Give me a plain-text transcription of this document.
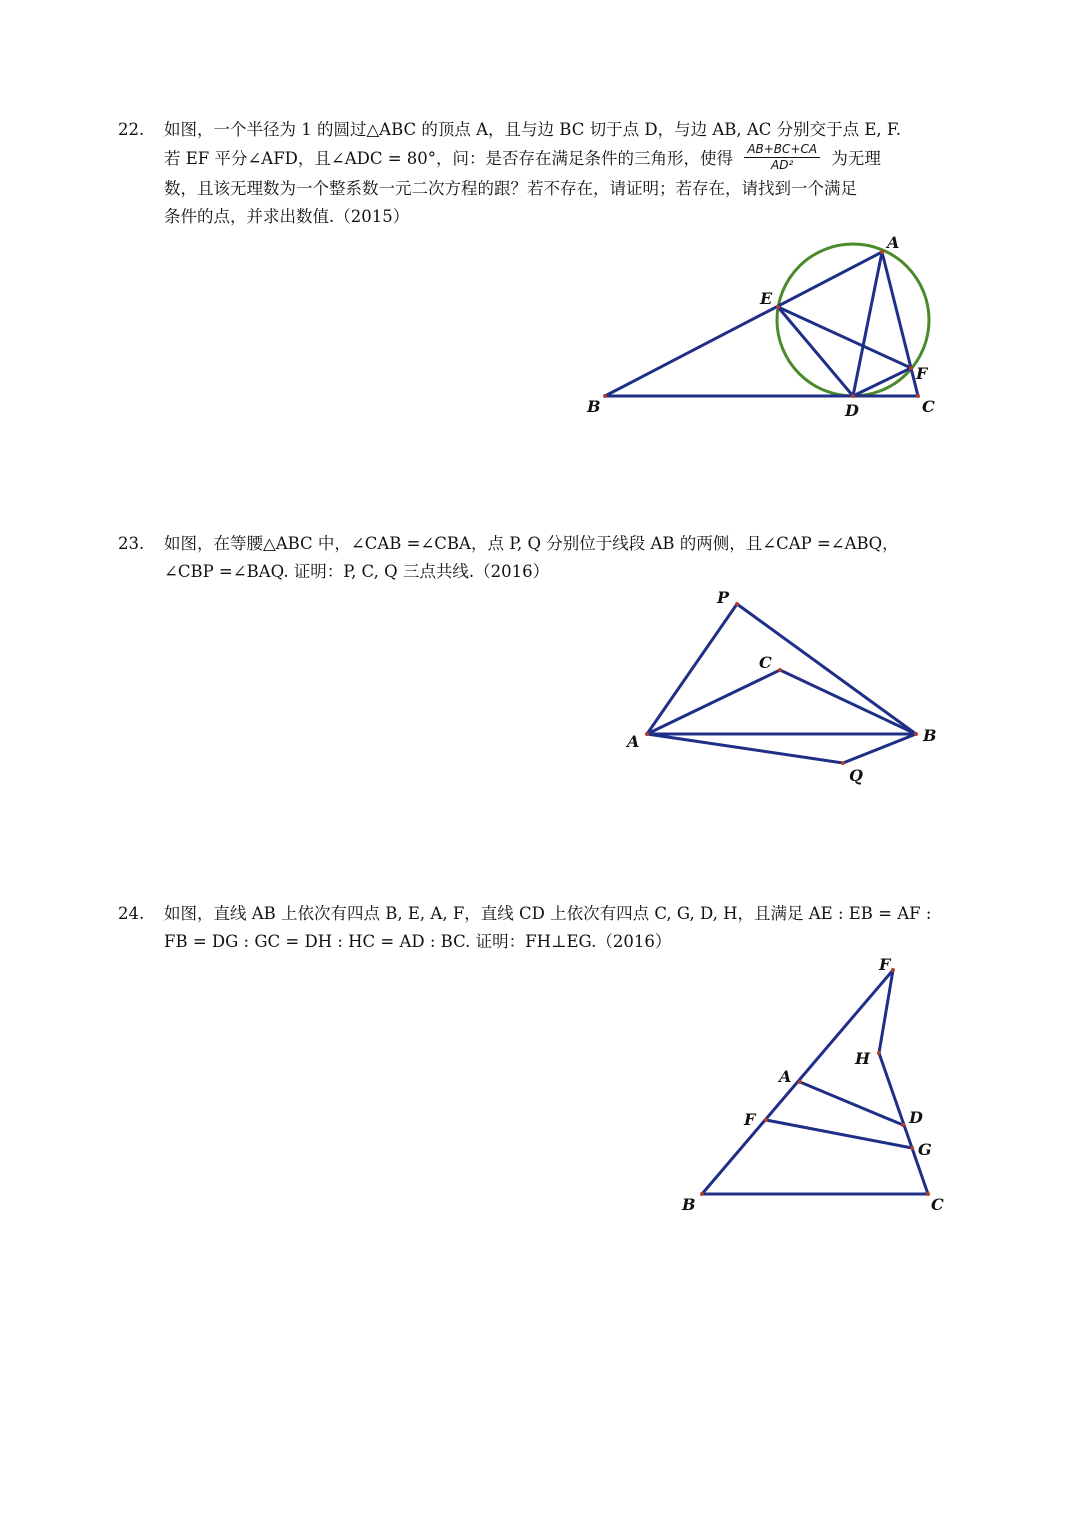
22. 如图，一个半径为 1 的圆过△ABC 的顶点 A，且与边 BC 切于点 D，与边 AB, AC 分别交于点 E, F.
若 EF 平分∠AFD，且∠ADC = 80°，问：是否存在满足条件的三角形，使得 $\frac{AB+BC+CA}{\text{AD²}}$ 为无理
数，且该无理数为一个整系数一元二次方程的跟？若不存在，请证明；若存在，请找到一个满足
条件的点，并求出数值.（2015）
A
E
F
B	D	C
23. 如图，在等腰△ABC 中，∠CAB =∠CBA，点 P, Q 分别位于线段 AB 的两侧，且∠CAP =∠ABQ，
∠CBP =∠BAQ. 证明：P, C, Q 三点共线.（2016）
P
C
A	B
Q
24. 如图，直线 AB 上依次有四点 B, E, A, F，直线 CD 上依次有四点 C, G, D, H，且满足 AE : EB = AF :
FB = DG : GC = DH : HC = AD : BC. 证明：FH⊥EG.（2016）
F
H
A
D
F
G
B	C
